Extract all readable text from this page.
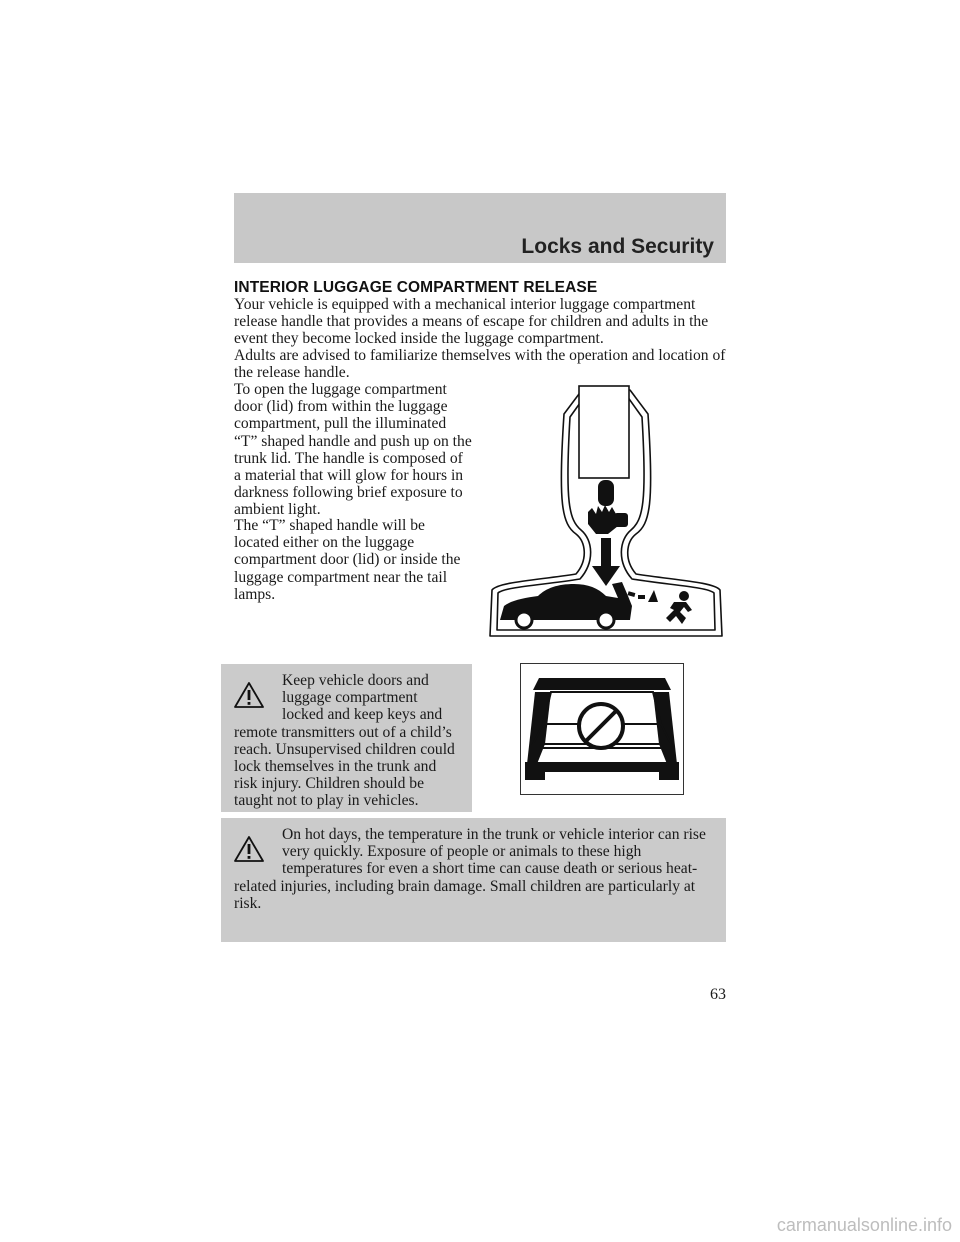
Locks and Security
INTERIOR LUGGAGE COMPARTMENT RELEASE

Your vehicle is equipped with a mechanical interior luggage compartment release handle that provides a means of escape for children and adults in the event they become locked inside the luggage compartment.

Adults are advised to familiarize themselves with the operation and location of the release handle.

To open the luggage compartment door (lid) from within the luggage compartment, pull the illuminated “T” shaped handle and push up on the trunk lid. The handle is composed of a material that will glow for hours in darkness following brief exposure to ambient light.

The “T” shaped handle will be located either on the luggage compartment door (lid) or inside the luggage compartment near the tail lamps.

Keep vehicle doors and luggage compartment locked and keep keys and remote transmitters out of a child’s reach. Unsupervised children could lock themselves in the trunk and risk injury. Children should be taught not to play in vehicles.

On hot days, the temperature in the trunk or vehicle interior can rise very quickly. Exposure of people or animals to these high temperatures for even a short time can cause death or serious heat-related injuries, including brain damage. Small children are particularly at risk.

63
carmanualsonline.info
